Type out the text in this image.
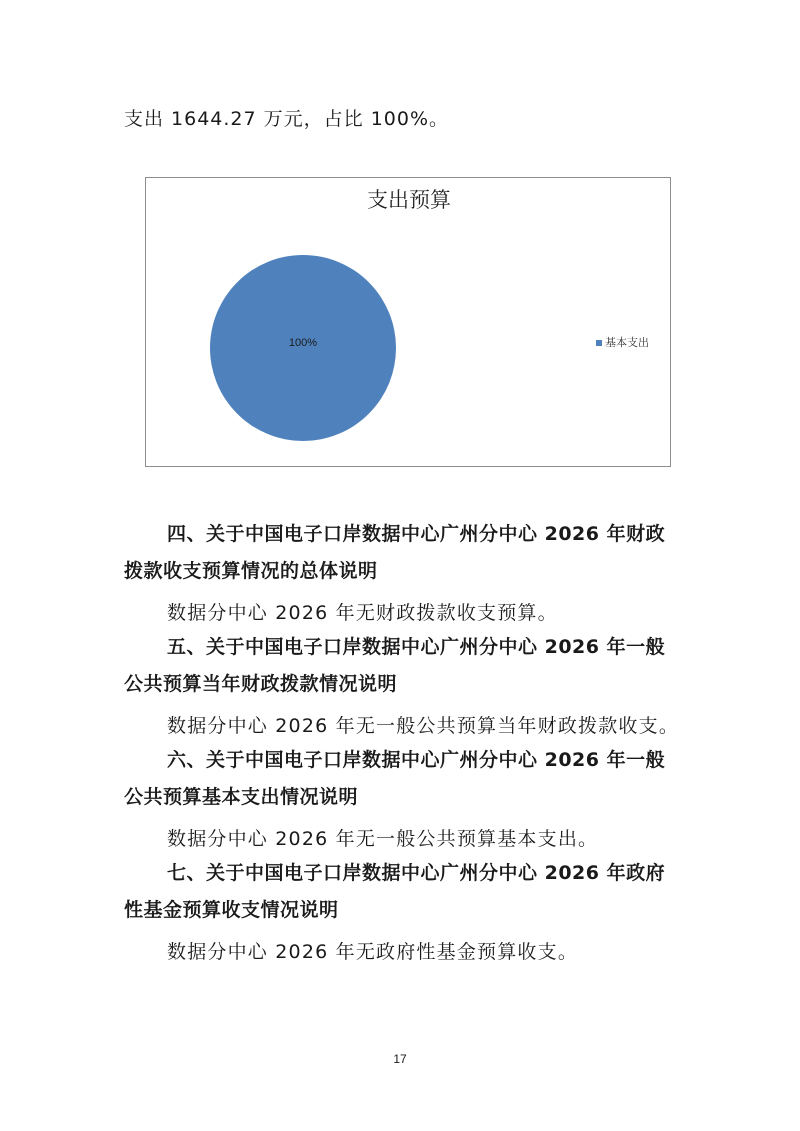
支出 1644.27 万元，占比 100%。
支出预算
100%	基本支出
四、关于中国电子口岸数据中心广州分中心 2026 年财政拨款收支预算情况的总体说明
数据分中心 2026 年无财政拨款收支预算。
五、关于中国电子口岸数据中心广州分中心 2026 年一般公共预算当年财政拨款情况说明
数据分中心 2026 年无一般公共预算当年财政拨款收支。
六、关于中国电子口岸数据中心广州分中心 2026 年一般公共预算基本支出情况说明
数据分中心 2026 年无一般公共预算基本支出。
七、关于中国电子口岸数据中心广州分中心 2026 年政府性基金预算收支情况说明
数据分中心 2026 年无政府性基金预算收支。
17
